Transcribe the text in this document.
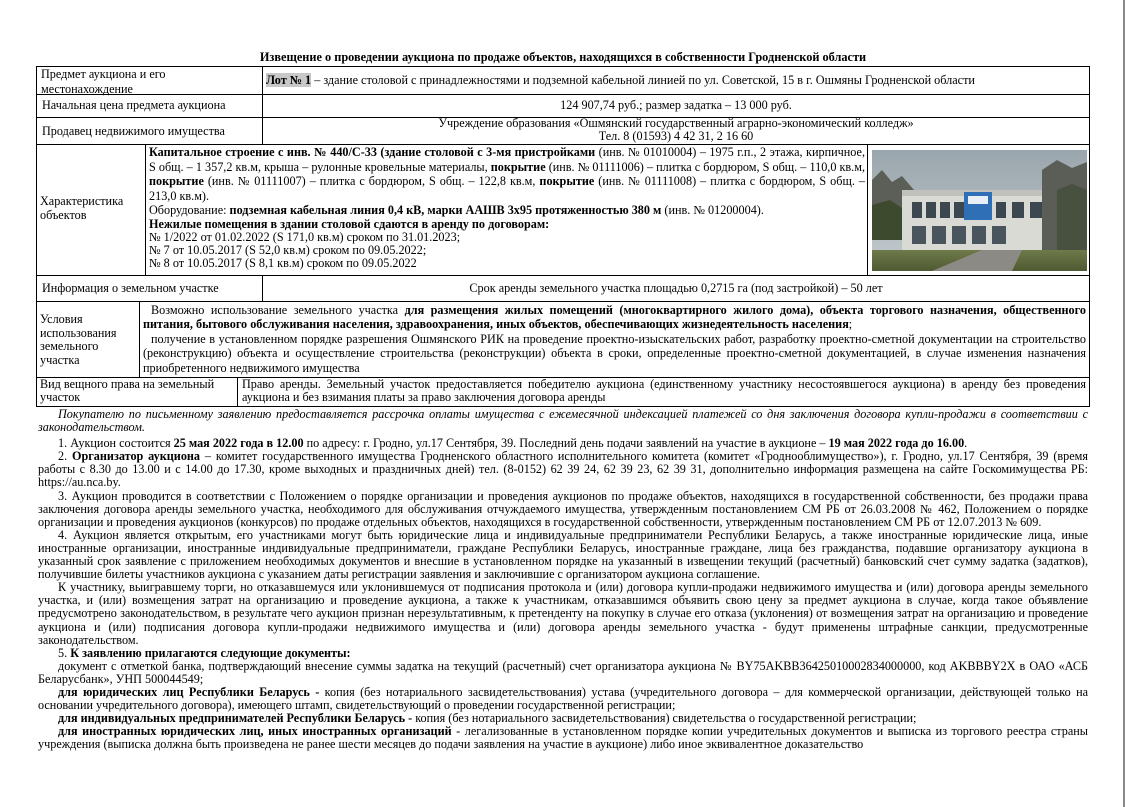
Извещение о проведении аукциона по продаже объектов, находящихся в собственности Гродненской области
Предмет аукциона и его местонахождение
Лот № 1 – здание столовой с принадлежностями и подземной кабельной линией по ул. Советской, 15 в г. Ошмяны Гродненской области
Начальная цена предмета аукциона	124 907,74 руб.; размер задатка – 13 000 руб.
Продавец недвижимого имущества
Учреждение образования «Ошмянский государственный аграрно-экономический колледж»
Тел. 8 (01593) 4 42 31, 2 16 60
Характеристика объектов
Капитальное строение с инв. № 440/С-33 (здание столовой с 3-мя пристройками (инв. № 01010004) – 1975 г.п., 2 этажа, кирпичное, S общ. – 1 357,2 кв.м, крыша – рулонные кровельные материалы, покрытие (инв. № 01111006) – плитка с бордюром, S общ. – 110,0 кв.м, покрытие (инв. № 01111007) – плитка с бордюром, S общ. – 122,8 кв.м, покрытие (инв. № 01111008) – плитка с бордюром, S общ. – 213,0 кв.м).
Оборудование: подземная кабельная линия 0,4 кВ, марки ААШВ 3х95 протяженностью 380 м (инв. № 01200004).
Нежилые помещения в здании столовой сдаются в аренду по договорам:
№ 1/2022 от 01.02.2022 (S 171,0 кв.м) сроком по 31.01.2023;
№ 7 от 10.05.2017 (S 52,0 кв.м) сроком по 09.05.2022;
№ 8 от 10.05.2017 (S 8,1 кв.м) сроком по 09.05.2022
Информация о земельном участке	Срок аренды земельного участка площадью 0,2715 га (под застройкой) – 50 лет
Условия использования земельного участка
Возможно использование земельного участка для размещения жилых помещений (многоквартирного жилого дома), объекта торгового назначения, общественного питания, бытового обслуживания населения, здравоохранения, иных объектов, обеспечивающих жизнедеятельность населения;
получение в установленном порядке разрешения Ошмянского РИК на проведение проектно-изыскательских работ, разработку проектно-сметной документации на строительство (реконструкцию) объекта и осуществление строительства (реконструкции) объекта в сроки, определенные проектно-сметной документацией, в случае изменения назначения приобретенного недвижимого имущества
Вид вещного права на земельный участок
Право аренды. Земельный участок предоставляется победителю аукциона (единственному участнику несостоявшегося аукциона) в аренду без проведения аукциона и без взимания платы за право заключения договора аренды

Покупателю по письменному заявлению предоставляется рассрочка оплаты имущества с ежемесячной индексацией платежей со дня заключения договора купли-продажи в соответствии с законодательством.

1. Аукцион состоится 25 мая 2022 года в 12.00 по адресу: г. Гродно, ул.17 Сентября, 39. Последний день подачи заявлений на участие в аукционе – 19 мая 2022 года до 16.00.

2. Организатор аукциона – комитет государственного имущества Гродненского областного исполнительного комитета (комитет «Гроднооблимущество»), г. Гродно, ул.17 Сентября, 39 (время работы с 8.30 до 13.00 и с 14.00 до 17.30, кроме выходных и праздничных дней) тел. (8-0152) 62 39 24, 62 39 23, 62 39 31, дополнительно информация размещена на сайте Госкомимущества РБ: https://au.nca.by.

3. Аукцион проводится в соответствии с Положением о порядке организации и проведения аукционов по продаже объектов, находящихся в государственной собственности, без продажи права заключения договора аренды земельного участка, необходимого для обслуживания отчуждаемого имущества, утвержденным постановлением СМ РБ от 26.03.2008 № 462, Положением о порядке организации и проведения аукционов (конкурсов) по продаже отдельных объектов, находящихся в государственной собственности, утвержденным постановлением СМ РБ от 12.07.2013 № 609.

4. Аукцион является открытым, его участниками могут быть юридические лица и индивидуальные предприниматели Республики Беларусь, а также иностранные юридические лица, иные иностранные организации, иностранные индивидуальные предприниматели, граждане Республики Беларусь, иностранные граждане, лица без гражданства, подавшие организатору аукциона в указанный срок заявление с приложением необходимых документов и внесшие в установленном порядке на указанный в извещении текущий (расчетный) банковский счет сумму задатка (задатков), получившие билеты участников аукциона с указанием даты регистрации заявления и заключившие с организатором аукциона соглашение.

К участнику, выигравшему торги, но отказавшемуся или уклонившемуся от подписания протокола и (или) договора купли-продажи недвижимого имущества и (или) договора аренды земельного участка, и (или) возмещения затрат на организацию и проведение аукциона, а также к участникам, отказавшимся объявить свою цену за предмет аукциона в случае, когда такое объявление предусмотрено законодательством, в результате чего аукцион признан нерезультативным, к претенденту на покупку в случае его отказа (уклонения) от возмещения затрат на организацию и проведение аукциона и (или) подписания договора купли-продажи недвижимого имущества и (или) договора аренды земельного участка - будут применены штрафные санкции, предусмотренные законодательством.

5. К заявлению прилагаются следующие документы:

документ с отметкой банка, подтверждающий внесение суммы задатка на текущий (расчетный) счет организатора аукциона № BY75AKBB36425010002834000000, код AKBBBY2X в ОАО «АСБ Беларусбанк», УНП 500044549;

для юридических лиц Республики Беларусь - копия (без нотариального засвидетельствования) устава (учредительного договора – для коммерческой организации, действующей только на основании учредительного договора), имеющего штамп, свидетельствующий о проведении государственной регистрации;

для индивидуальных предпринимателей Республики Беларусь - копия (без нотариального засвидетельствования) свидетельства о государственной регистрации;

для иностранных юридических лиц, иных иностранных организаций - легализованные в установленном порядке копии учредительных документов и выписка из торгового реестра страны учреждения (выписка должна быть произведена не ранее шести месяцев до подачи заявления на участие в аукционе) либо иное эквивалентное доказательство
